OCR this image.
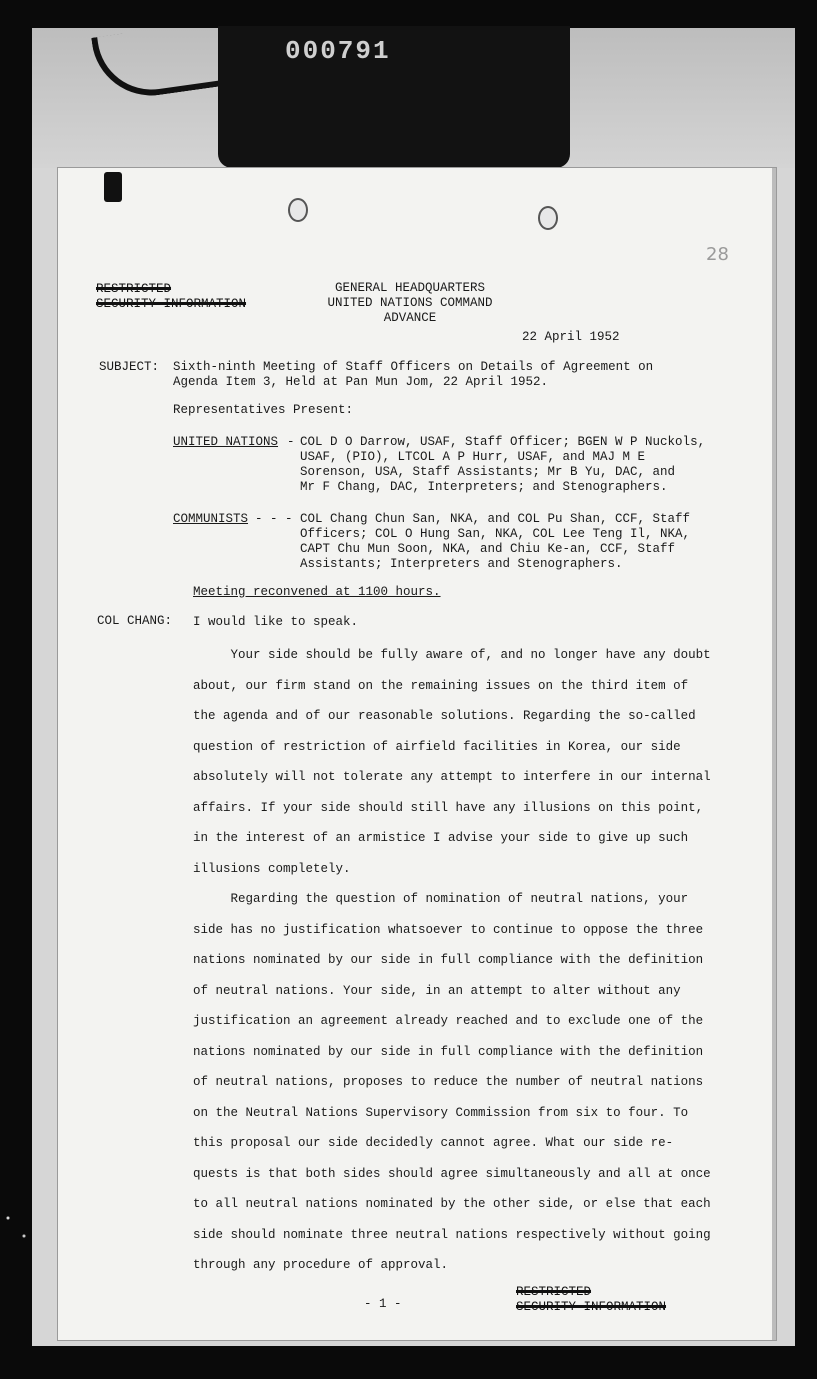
000791
28
RESTRICTED
SECURITY INFORMATION
GENERAL HEADQUARTERS
UNITED NATIONS COMMAND
ADVANCE
22 April 1952
SUBJECT: Sixth-ninth Meeting of Staff Officers on Details of Agreement on
Agenda Item 3, Held at Pan Mun Jom, 22 April 1952.
Representatives Present:
UNITED NATIONS - COL D O Darrow, USAF, Staff Officer; BGEN W P Nuckols,
USAF, (PIO), LTCOL A P Hurr, USAF, and MAJ M E
Sorenson, USA, Staff Assistants; Mr B Yu, DAC, and
Mr F Chang, DAC, Interpreters; and Stenographers.
COMMUNISTS - - - COL Chang Chun San, NKA, and COL Pu Shan, CCF, Staff
Officers; COL O Hung San, NKA, COL Lee Teng Il, NKA,
CAPT Chu Mun Soon, NKA, and Chiu Ke-an, CCF, Staff
Assistants; Interpreters and Stenographers.
Meeting reconvened at 1100 hours.
COL CHANG: I would like to speak.
Your side should be fully aware of, and no longer have any doubt
about, our firm stand on the remaining issues on the third item of
the agenda and of our reasonable solutions. Regarding the so-called
question of restriction of airfield facilities in Korea, our side
absolutely will not tolerate any attempt to interfere in our internal
affairs. If your side should still have any illusions on this point,
in the interest of an armistice I advise your side to give up such
illusions completely.
Regarding the question of nomination of neutral nations, your
side has no justification whatsoever to continue to oppose the three
nations nominated by our side in full compliance with the definition
of neutral nations. Your side, in an attempt to alter without any
justification an agreement already reached and to exclude one of the
nations nominated by our side in full compliance with the definition
of neutral nations, proposes to reduce the number of neutral nations
on the Neutral Nations Supervisory Commission from six to four. To
this proposal our side decidedly cannot agree. What our side re-
quests is that both sides should agree simultaneously and all at once
to all neutral nations nominated by the other side, or else that each
side should nominate three neutral nations respectively without going
through any procedure of approval.
- 1 -
RESTRICTED
SECURITY INFORMATION
